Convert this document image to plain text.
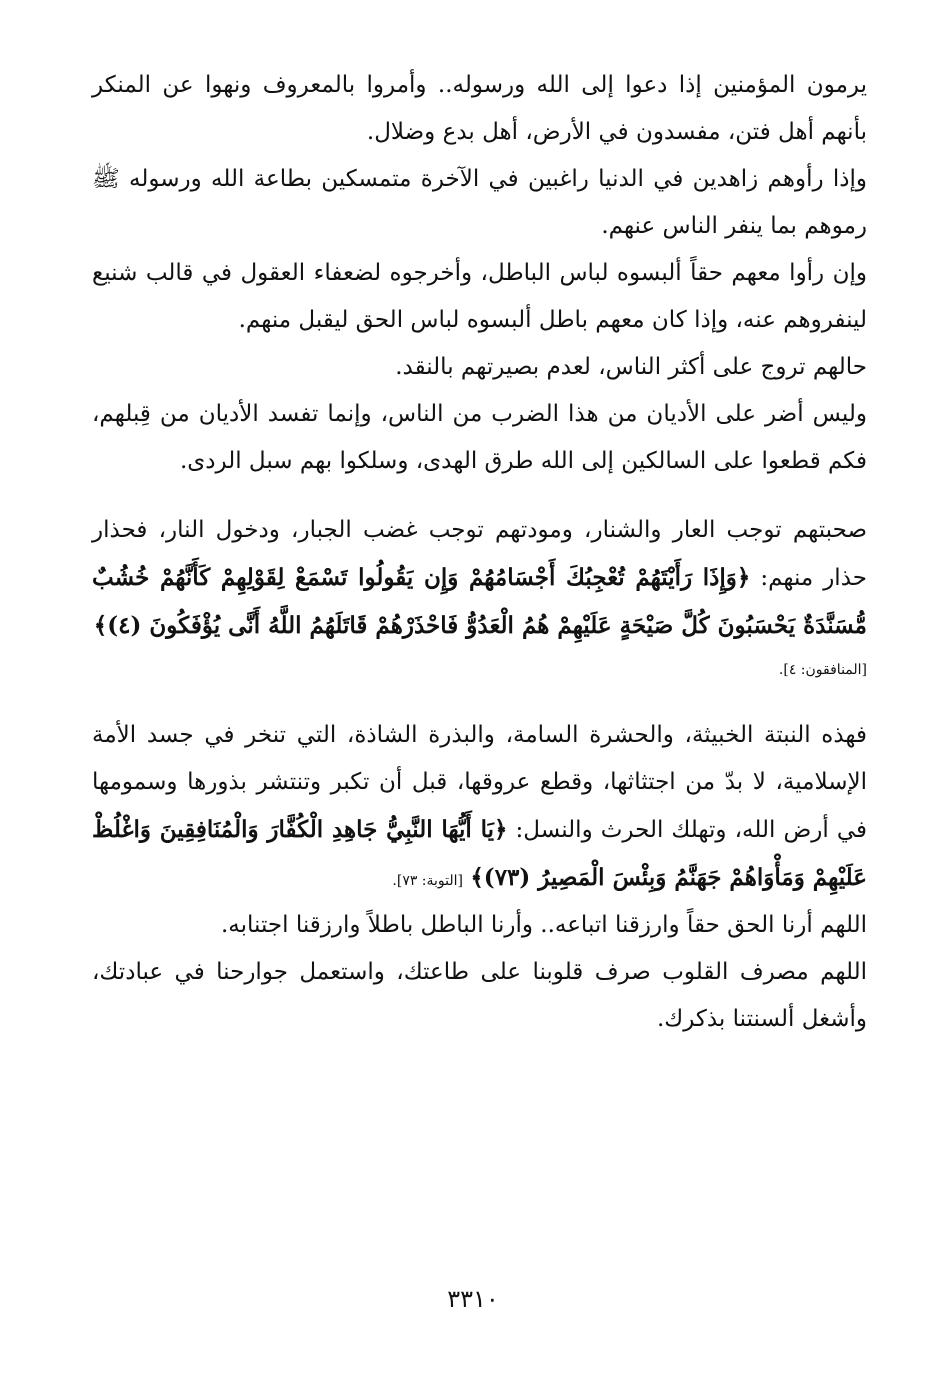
يرمون المؤمنين إذا دعوا إلى الله ورسوله.. وأمروا بالمعروف ونهوا عن المنكر بأنهم أهل فتن، مفسدون في الأرض، أهل بدع وضلال.

وإذا رأوهم زاهدين في الدنيا راغبين في الآخرة متمسكين بطاعة الله ورسوله ﷺ رموهم بما ينفر الناس عنهم.

وإن رأوا معهم حقاً ألبسوه لباس الباطل، وأخرجوه لضعفاء العقول في قالب شنيع لينفروهم عنه، وإذا كان معهم باطل ألبسوه لباس الحق ليقبل منهم.

حالهم تروج على أكثر الناس، لعدم بصيرتهم بالنقد.

وليس أضر على الأديان من هذا الضرب من الناس، وإنما تفسد الأديان من قِبلهم، فكم قطعوا على السالكين إلى الله طرق الهدى، وسلكوا بهم سبل الردى.

صحبتهم توجب العار والشنار، ومودتهم توجب غضب الجبار، ودخول النار، فحذار حذار منهم: ﴿وَإِذَا رَأَيْتَهُمْ تُعْجِبُكَ أَجْسَامُهُمْ وَإِن يَقُولُوا تَسْمَعْ لِقَوْلِهِمْ كَأَنَّهُمْ خُشُبٌ مُّسَنَّدَةٌ يَحْسَبُونَ كُلَّ صَيْحَةٍ عَلَيْهِمْ هُمُ الْعَدُوُّ فَاحْذَرْهُمْ قَاتَلَهُمُ اللَّهُ أَنَّى يُؤْفَكُونَ (٤)﴾

[المنافقون: ٤].

فهذه النبتة الخبيثة، والحشرة السامة، والبذرة الشاذة، التي تنخر في جسد الأمة الإسلامية، لا بدّ من اجتثاثها، وقطع عروقها، قبل أن تكبر وتنتشر بذورها وسمومها في أرض الله، وتهلك الحرث والنسل: ﴿يَا أَيُّهَا النَّبِيُّ جَاهِدِ الْكُفَّارَ وَالْمُنَافِقِينَ وَاغْلُظْ عَلَيْهِمْ وَمَأْوَاهُمْ جَهَنَّمُ وَبِئْسَ الْمَصِيرُ (٧٣)﴾ [التوبة: ٧٣].

اللهم أرنا الحق حقاً وارزقنا اتباعه.. وأرنا الباطل باطلاً وارزقنا اجتنابه.

اللهم مصرف القلوب صرف قلوبنا على طاعتك، واستعمل جوارحنا في عبادتك، وأشغل ألسنتنا بذكرك.

٣٣١٠
